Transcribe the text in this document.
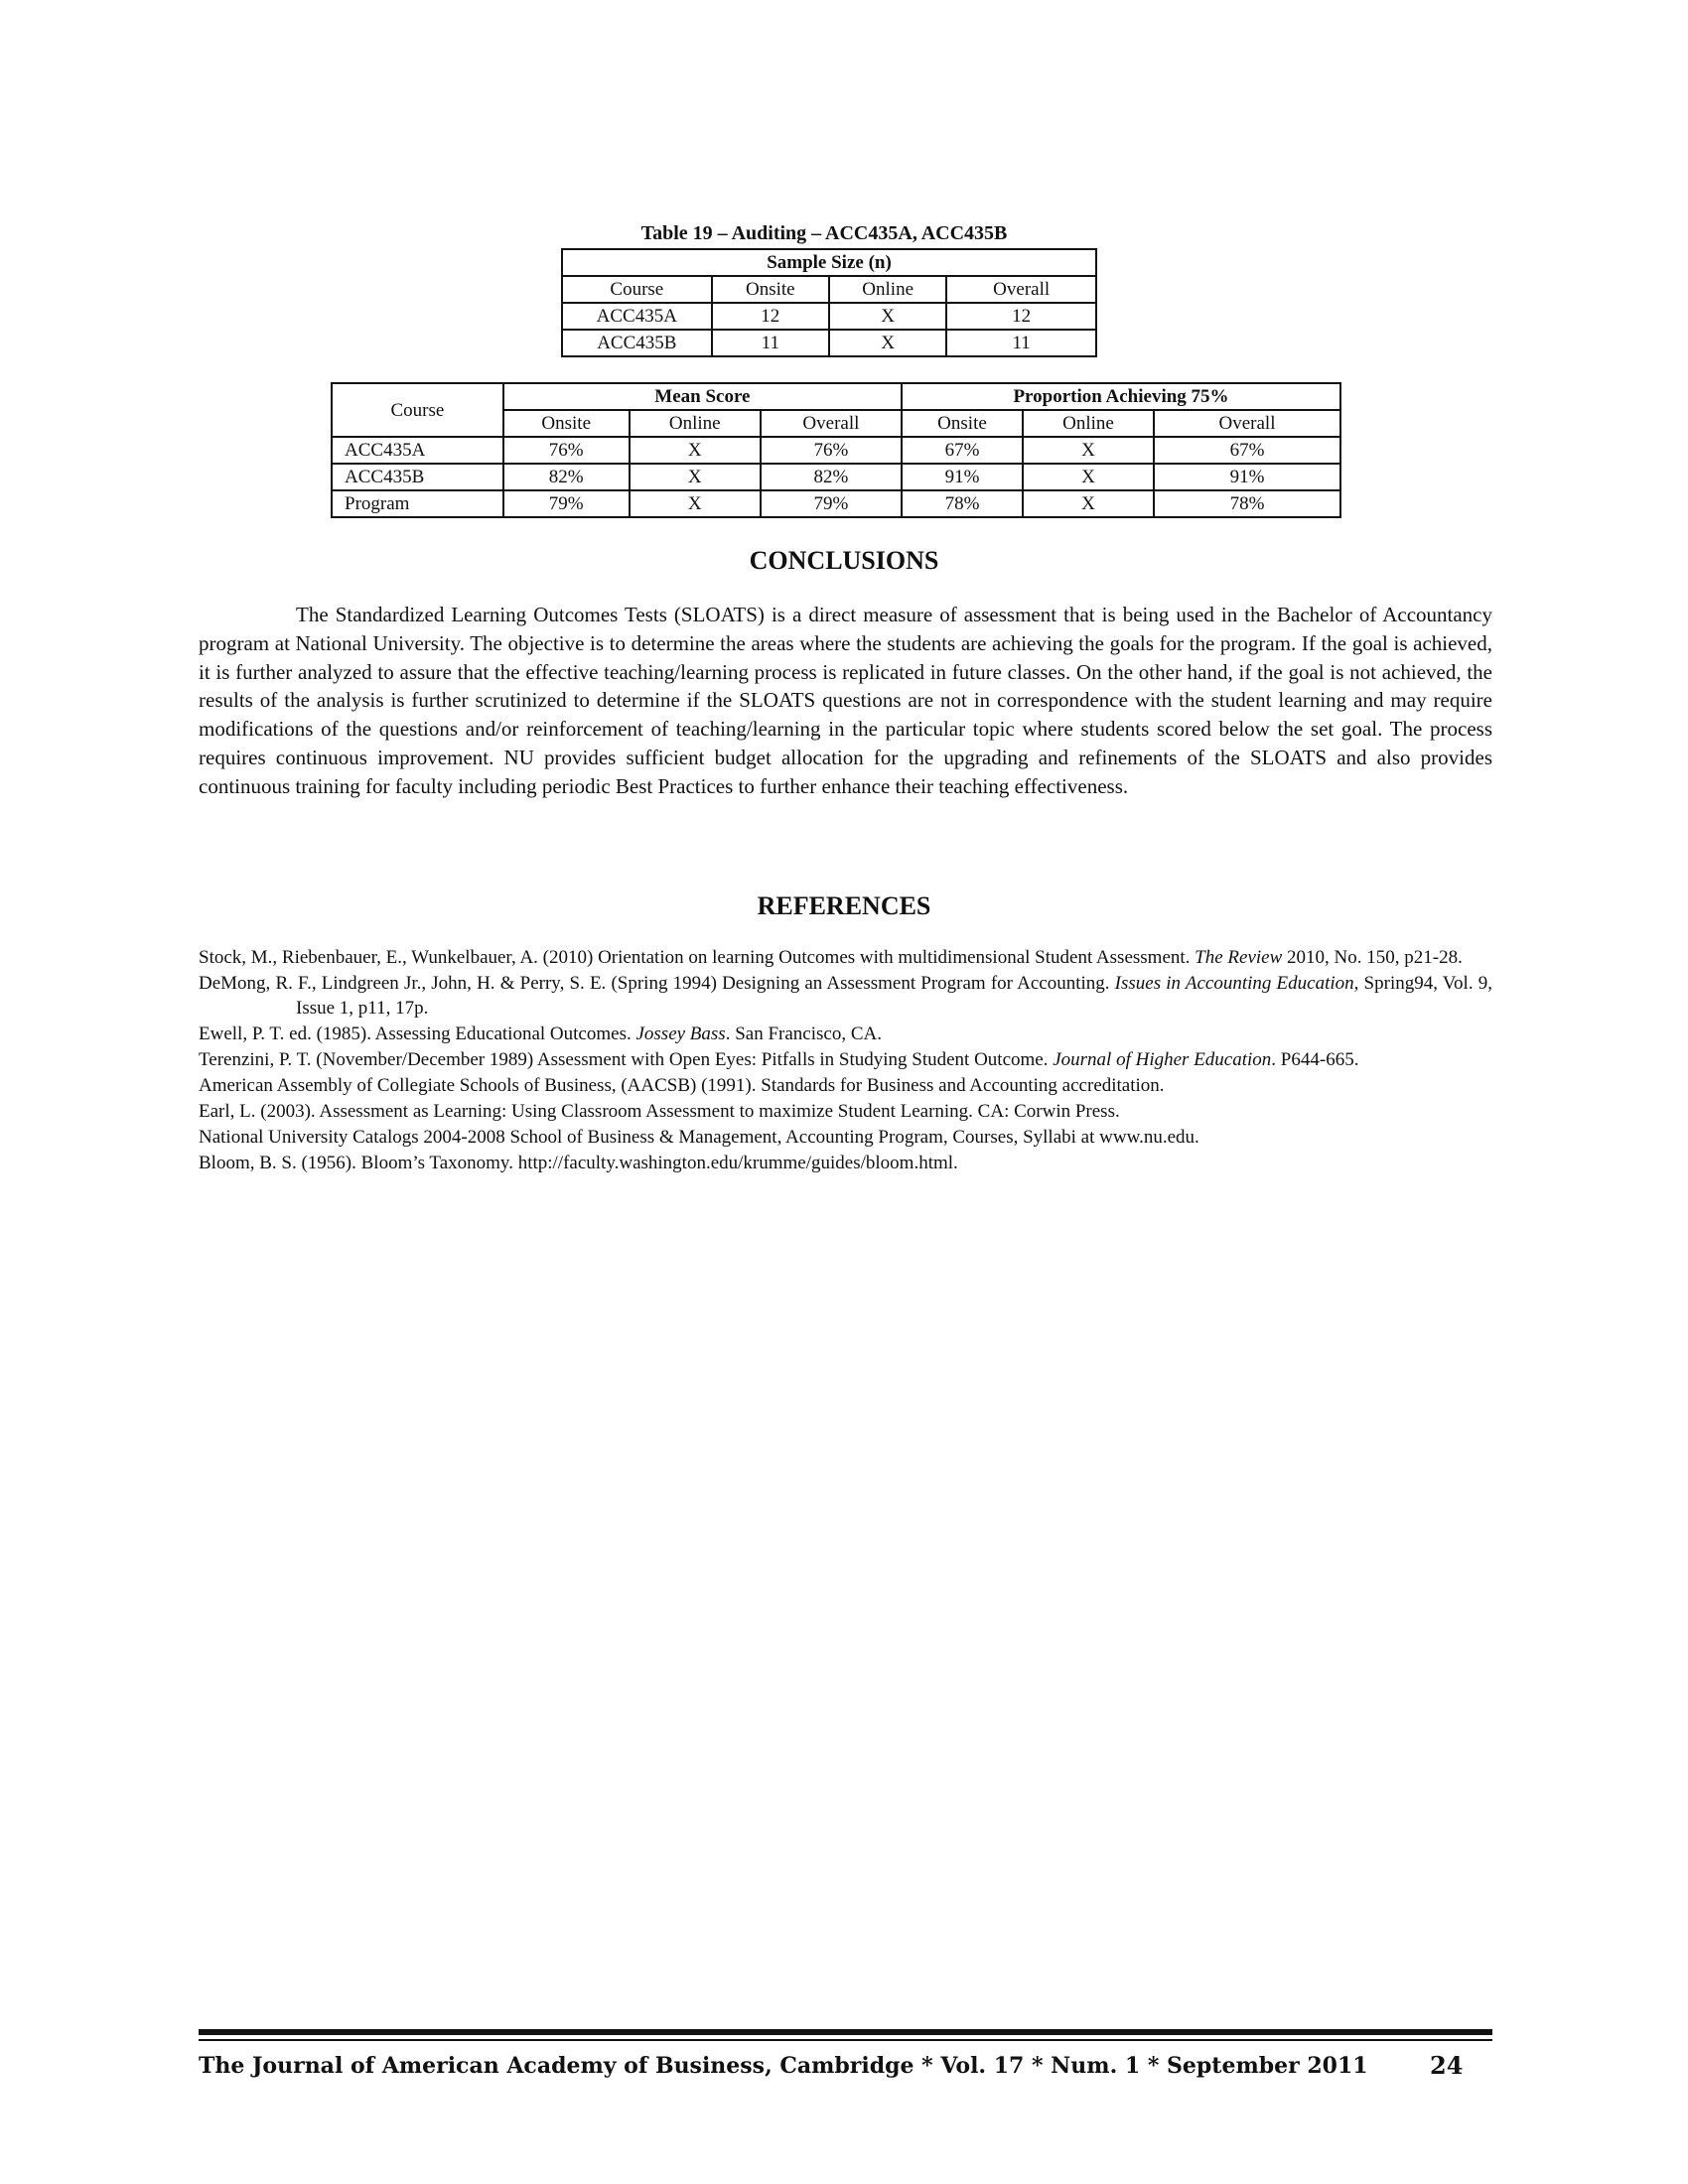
Table 19 – Auditing – ACC435A, ACC435B
Sample Size (n)			
Course	Onsite	Online	Overall
ACC435A	12	X	12
ACC435B	11	X	11
Course	Mean Score			Proportion Achieving 75%		
	Onsite	Online	Overall	Onsite	Online	Overall
ACC435A	76%	X	76%	67%	X	67%
ACC435B	82%	X	82%	91%	X	91%
Program	79%	X	79%	78%	X	78%
CONCLUSIONS
The Standardized Learning Outcomes Tests (SLOATS) is a direct measure of assessment that is being used in the Bachelor of Accountancy program at National University. The objective is to determine the areas where the students are achieving the goals for the program. If the goal is achieved, it is further analyzed to assure that the effective teaching/learning process is replicated in future classes. On the other hand, if the goal is not achieved, the results of the analysis is further scrutinized to determine if the SLOATS questions are not in correspondence with the student learning and may require modifications of the questions and/or reinforcement of teaching/learning in the particular topic where students scored below the set goal. The process requires continuous improvement. NU provides sufficient budget allocation for the upgrading and refinements of the SLOATS and also provides continuous training for faculty including periodic Best Practices to further enhance their teaching effectiveness.
REFERENCES
Stock, M., Riebenbauer, E., Wunkelbauer, A. (2010) Orientation on learning Outcomes with multidimensional Student Assessment. The Review 2010, No. 150, p21-28.
DeMong, R. F., Lindgreen Jr., John, H. & Perry, S. E. (Spring 1994) Designing an Assessment Program for Accounting. Issues in Accounting Education, Spring94, Vol. 9, Issue 1, p11, 17p.
Ewell, P. T. ed. (1985). Assessing Educational Outcomes. Jossey Bass. San Francisco, CA.
Terenzini, P. T. (November/December 1989) Assessment with Open Eyes: Pitfalls in Studying Student Outcome. Journal of Higher Education. P644-665.
American Assembly of Collegiate Schools of Business, (AACSB) (1991). Standards for Business and Accounting accreditation.
Earl, L. (2003). Assessment as Learning: Using Classroom Assessment to maximize Student Learning. CA: Corwin Press.
National University Catalogs 2004-2008 School of Business & Management, Accounting Program, Courses, Syllabi at www.nu.edu.
Bloom, B. S. (1956). Bloom’s Taxonomy. http://faculty.washington.edu/krumme/guides/bloom.html.
The Journal of American Academy of Business, Cambridge * Vol. 17 * Num. 1 * September 2011	24
